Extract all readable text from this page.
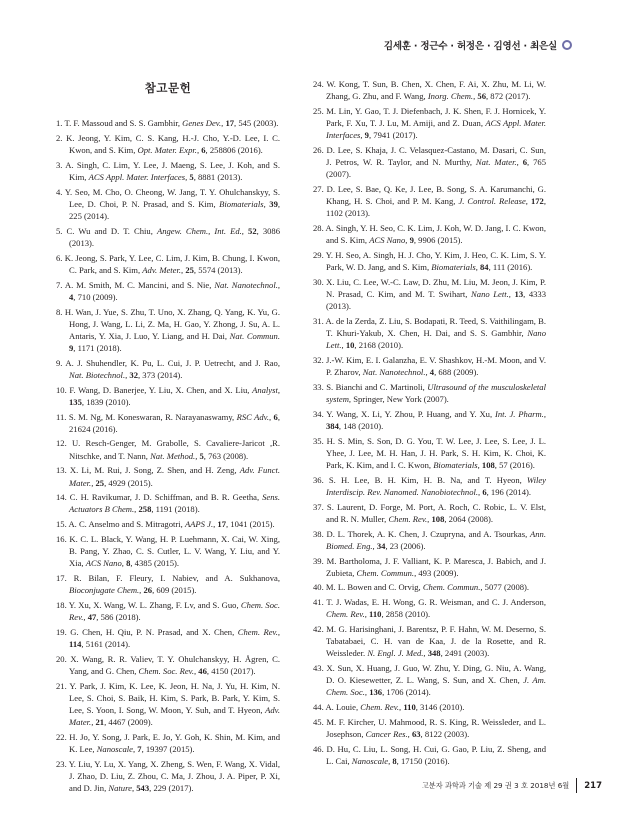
김세훈 · 정근수 · 허정은 · 김영선 · 최은실
참고문헌

1. T. F. Massoud and S. S. Gambhir, Genes Dev., 17, 545 (2003).

2. K. Jeong, Y. Kim, C. S. Kang, H.-J. Cho, Y.-D. Lee, I. C. Kwon, and S. Kim, Opt. Mater. Expr., 6, 258806 (2016).

3. A. Singh, C. Lim, Y. Lee, J. Maeng, S. Lee, J. Koh, and S. Kim, ACS Appl. Mater. Interfaces, 5, 8881 (2013).

4. Y. Seo, M. Cho, O. Cheong, W. Jang, T. Y. Ohulchanskyy, S. Lee, D. Choi, P. N. Prasad, and S. Kim, Biomaterials, 39, 225 (2014).

5. C. Wu and D. T. Chiu, Angew. Chem., Int. Ed., 52, 3086 (2013).

6. K. Jeong, S. Park, Y. Lee, C. Lim, J. Kim, B. Chung, I. Kwon, C. Park, and S. Kim, Adv. Meter., 25, 5574 (2013).

7. A. M. Smith, M. C. Mancini, and S. Nie, Nat. Nanotechnol., 4, 710 (2009).

8. H. Wan, J. Yue, S. Zhu, T. Uno, X. Zhang, Q. Yang, K. Yu, G. Hong, J. Wang, L. Li, Z. Ma, H. Gao, Y. Zhong, J. Su, A. L. Antaris, Y. Xia, J. Luo, Y. Liang, and H. Dai, Nat. Commun. 9, 1171 (2018).

9. A. J. Shuhendler, K. Pu, L. Cui, J. P. Uetrecht, and J. Rao, Nat. Biotechnol., 32, 373 (2014).

10. F. Wang, D. Banerjee, Y. Liu, X. Chen, and X. Liu, Analyst, 135, 1839 (2010).

11. S. M. Ng, M. Koneswaran, R. Narayanaswamy, RSC Adv., 6, 21624 (2016).

12. U. Resch-Genger, M. Grabolle, S. Cavaliere-Jaricot ,R. Nitschke, and T. Nann, Nat. Method., 5, 763 (2008).

13. X. Li, M. Rui, J. Song, Z. Shen, and H. Zeng, Adv. Funct. Mater., 25, 4929 (2015).

14. C. H. Ravikumar, J. D. Schiffman, and B. R. Geetha, Sens. Actuators B Chem., 258, 1191 (2018).

15. A. C. Anselmo and S. Mitragotri, AAPS J., 17, 1041 (2015).

16. K. C. L. Black, Y. Wang, H. P. Luehmann, X. Cai, W. Xing, B. Pang, Y. Zhao, C. S. Cutler, L. V. Wang, Y. Liu, and Y. Xia, ACS Nano, 8, 4385 (2015).

17. R. Bilan, F. Fleury, I. Nabiev, and A. Sukhanova, Bioconjugate Chem., 26, 609 (2015).

18. Y. Xu, X. Wang, W. L. Zhang, F. Lv, and S. Guo, Chem. Soc. Rev., 47, 586 (2018).

19. G. Chen, H. Qiu, P. N. Prasad, and X. Chen, Chem. Rev., 114, 5161 (2014).

20. X. Wang, R. R. Valiev, T. Y. Ohulchanskyy, H. Ågren, C. Yang, and G. Chen, Chem. Soc. Rev., 46, 4150 (2017).

21. Y. Park, J. Kim, K. Lee, K. Jeon, H. Na, J. Yu, H. Kim, N. Lee, S. Choi, S. Baik, H. Kim, S. Park, B. Park, Y. Kim, S. Lee, S. Yoon, I. Song, W. Moon, Y. Suh, and T. Hyeon, Adv. Mater., 21, 4467 (2009).

22. H. Jo, Y. Song, J. Park, E. Jo, Y. Goh, K. Shin, M. Kim, and K. Lee, Nanoscale, 7, 19397 (2015).

23. Y. Liu, Y. Lu, X. Yang, X. Zheng, S. Wen, F. Wang, X. Vidal, J. Zhao, D. Liu, Z. Zhou, C. Ma, J. Zhou, J. A. Piper, P. Xi, and D. Jin, Nature, 543, 229 (2017).

24. W. Kong, T. Sun, B. Chen, X. Chen, F. Ai, X. Zhu, M. Li, W. Zhang, G. Zhu, and F. Wang, Inorg. Chem., 56, 872 (2017).

25. M. Lin, Y. Gao, T. J. Diefenbach, J. K. Shen, F. J. Hornicek, Y. Park, F. Xu, T. J. Lu, M. Amiji, and Z. Duan, ACS Appl. Mater. Interfaces, 9, 7941 (2017).

26. D. Lee, S. Khaja, J. C. Velasquez-Castano, M. Dasari, C. Sun, J. Petros, W. R. Taylor, and N. Murthy, Nat. Mater., 6, 765 (2007).

27. D. Lee, S. Bae, Q. Ke, J. Lee, B. Song, S. A. Karumanchi, G. Khang, H. S. Choi, and P. M. Kang, J. Control. Release, 172, 1102 (2013).

28. A. Singh, Y. H. Seo, C. K. Lim, J. Koh, W. D. Jang, I. C. Kwon, and S. Kim, ACS Nano, 9, 9906 (2015).

29. Y. H. Seo, A. Singh, H. J. Cho, Y. Kim, J. Heo, C. K. Lim, S. Y. Park, W. D. Jang, and S. Kim, Biomaterials, 84, 111 (2016).

30. X. Liu, C. Lee, W.-C. Law, D. Zhu, M. Liu, M. Jeon, J. Kim, P. N. Prasad, C. Kim, and M. T. Swihart, Nano Lett., 13, 4333 (2013).

31. A. de la Zerda, Z. Liu, S. Bodapati, R. Teed, S. Vaithilingam, B. T. Khuri-Yakub, X. Chen, H. Dai, and S. S. Gambhir, Nano Lett., 10, 2168 (2010).

32. J.-W. Kim, E. I. Galanzha, E. V. Shashkov, H.-M. Moon, and V. P. Zharov, Nat. Nanotechnol., 4, 688 (2009).

33. S. Bianchi and C. Martinoli, Ultrasound of the musculoskeletal system, Springer, New York (2007).

34. Y. Wang, X. Li, Y. Zhou, P. Huang, and Y. Xu, Int. J. Pharm., 384, 148 (2010).

35. H. S. Min, S. Son, D. G. You, T. W. Lee, J. Lee, S. Lee, J. L. Yhee, J. Lee, M. H. Han, J. H. Park, S. H. Kim, K. Choi, K. Park, K. Kim, and I. C. Kwon, Biomaterials, 108, 57 (2016).

36. S. H. Lee, B. H. Kim, H. B. Na, and T. Hyeon, Wiley Interdiscip. Rev. Nanomed. Nanobiotechnol., 6, 196 (2014).

37. S. Laurent, D. Forge, M. Port, A. Roch, C. Robic, L. V. Elst, and R. N. Muller, Chem. Rev., 108, 2064 (2008).

38. D. L. Thorek, A. K. Chen, J. Czupryna, and A. Tsourkas, Ann. Biomed. Eng., 34, 23 (2006).

39. M. Bartholoma, J. F. Valliant, K. P. Maresca, J. Babich, and J. Zubieta, Chem. Commun., 493 (2009).

40. M. L. Bowen and C. Orvig, Chem. Commun., 5077 (2008).

41. T. J. Wadas, E. H. Wong, G. R. Weisman, and C. J. Anderson, Chem. Rev., 110, 2858 (2010).

42. M. G. Harisinghani, J. Barentsz, P. F. Hahn, W. M. Deserno, S. Tabatabaei, C. H. van de Kaa, J. de la Rosette, and R. Weissleder. N. Engl. J. Med., 348, 2491 (2003).

43. X. Sun, X. Huang, J. Guo, W. Zhu, Y. Ding, G. Niu, A. Wang, D. O. Kiesewetter, Z. L. Wang, S. Sun, and X. Chen, J. Am. Chem. Soc., 136, 1706 (2014).

44. A. Louie, Chem. Rev., 110, 3146 (2010).

45. M. F. Kircher, U. Mahmood, R. S. King, R. Weissleder, and L. Josephson, Cancer Res., 63, 8122 (2003).

46. D. Hu, C. Liu, L. Song, H. Cui, G. Gao, P. Liu, Z. Sheng, and L. Cai, Nanoscale, 8, 17150 (2016).

고분자 과학과 기술 제 29 권 3 호 2018년 6월 217
